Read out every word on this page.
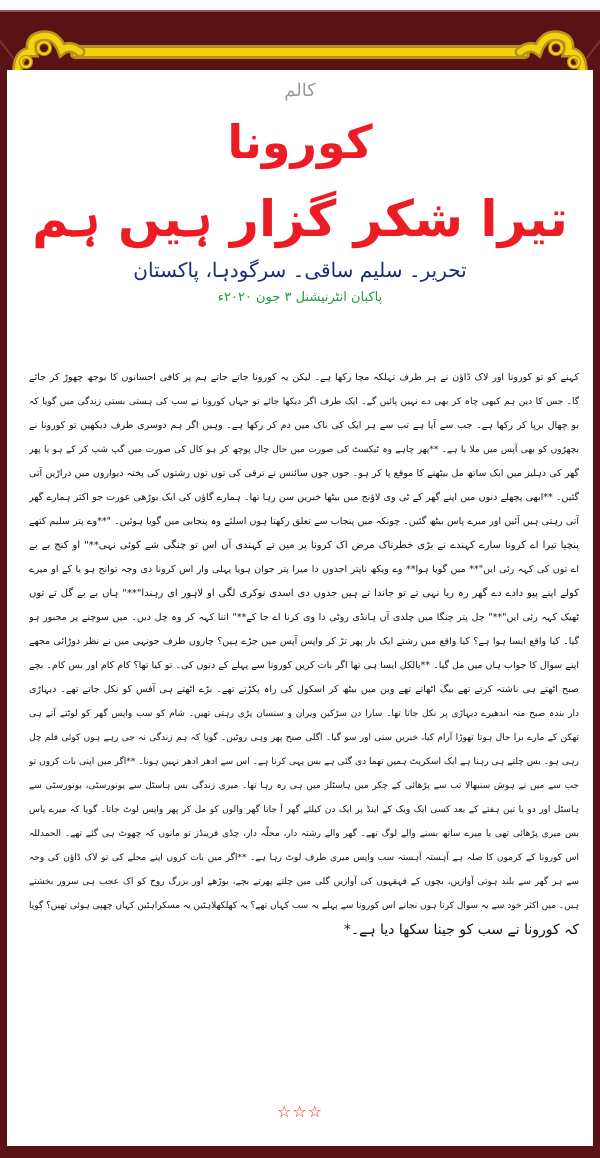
کالم
کورونا
تیرا شکر گزار ہیں ہم
تحریر۔ سلیم ساقی۔ سرگودہا، پاکستان
پاکبان انٹرنیشنل ۳ جون ۲۰۲۰ء
کہنے کو تو کورونا اور لاک ڈاؤن نے ہر طرف تہلکہ مچا رکھا ہے۔ لیکن یہ کورونا جاتے جاتے ہم پر کافی احسانوں کا بوجھ چھوڑ کر جائے
گا۔ جس کا دین ہم کبھی چاہ کر بھی دے نہیں پائیں گے۔ ایک طرف اگر دیکھا جائے تو جہاں کورونا نے سب کی ہستی بستی زندگی میں گویا کہ
بو چھال برپا کر رکھا ہے۔ جب سے آیا ہے تب سے ہر ایک کی ناک میں دم کر رکھا ہے۔ وہیں اگر ہم دوسری طرف دیکھیں تو کورونا نے
بچھڑوں کو بھی آپس میں ملا یا ہے۔ **پھر چاہے وہ ٹیکسٹ کی صورت میں حال چال پوچھ کر ہو کال کی صورت میں گپ شپ کر کے ہو یا پھر
گھر کی دہلیز میں ایک ساتھ مل بیٹھنے کا موقع پا کر ہو۔ جوں جوں سائنس نے ترقی کی توں توں رشتوں کی پختہ دیواروں میں دراڑیں آتی
گئیں۔ **ابھی پچھلے دنوں میں اپنے گھر کے ٹی وی لاؤنج میں بیٹھا خبریں سن رہا تھا۔ ہمارے گاؤں کی ایک بوڑھی عورت جو اکثر ہمارے گھر
آتی رہتی ہیں آئیں اور میرے پاس بیٹھ گئیں۔ چونکہ میں پنجاب سے تعلق رکھتا ہوں اسلئے وہ پنجابی میں گویا ہوئیں۔ "**وے پتر سلیم کتھے
پنچیا تیرا اے کرونا سارے کہندے نے بڑی خطرناک مرض اک کرونا پر میں تے کہندی آں اس تو چنگی شے کوئی نہی**" او کنج بے بے
اے توں کی کہہ رئی ایں"** میں گویا ہوا** وے ویکھ ناپتر اجدوں دا میرا پتر جوان ہویا پہلی وار اس کرونا دی وجہ توانج ہو یا کے او میرے
کولے اپنے پیو دادے دے گھر رہ ریا نہی تے تو جاندا تے ہیں جدوں دی اسدی نوکری لگی او لاہور ای رہندا"**" ہاں بے بے گل تے توں
ٹھیک کہہ رئی ایں"**" چل پتر چنگا میں چلدی آں ہانڈی روٹی دا وی کرنا اے جا کے**" اتنا کہہ کر وہ چل دیں۔ میں سوچنے پر مجبور ہو
گیا۔ کیا واقع ایسا ہوا ہے؟ کیا واقع میں رشتے ایک بار پھر تڑ کر واپس آپس میں جڑے ہیں؟ چاروں طرف جونہی میں نے نظر دوڑائی مجھے
اپنے سوال کا جواب ہاں میں مل گیا۔ **بالکل ایسا ہی تھا اگر بات کریں کورونا سے پہلے کے دنوں کی۔ تو کیا تھا؟ کام کام اور بس کام۔ بچے
صبح اٹھتے ہی ناشتہ کرتے تھے بیگ اٹھاتے تھے وین میں بیٹھ کر اسکول کی راہ پکڑتے تھے۔ بڑے اٹھتے ہی آفس کو نکل جاتے تھے۔ دیہاڑی
دار بندہ صبح منہ اندھیرے دیہاڑی پر نکل جاتا تھا۔ سارا دن سڑکیں ویران و سنسان پڑی رہتی تھیں۔ شام کو سب واپس گھر کو لوٹتے آتے ہی
تھکن کے مارے برا حال ہوتا تھوڑا آرام کیا، خبریں سنی اور سو گیا۔ اگلی صبح پھر وہی روٹین۔ گویا کہ ہم زندگی نہ جی رہے ہوں کوئی فلم چل
رہی ہو۔ بس چلتے ہی رہنا ہے ایک اسکرپٹ ہمیں تھما دی گئی ہے بس یہی کرنا ہے۔ اس سے ادھر ادھر نہیں ہونا۔ **اگر میں اپنی بات کروں تو
جب سے میں نے ہوش سنبھالا تب سے پڑھائی کے چکر میں ہاسٹلز میں ہی رہ رہا تھا۔ میری زندگی بس ہاسٹل سے یونورسٹی، یونورسٹی سے
ہاسٹل اور دو یا تین ہفتے کے بعد کسی ایک ویک کے اینڈ پر ایک دن کیلئے گھر آ جاتا گھر والوں کو مل کر پھر واپس لوٹ جاتا۔ گویا کہ میرے پاس
بس میری پڑھائی تھی یا میرے ساتھ بسنے والے لوگ تھے۔ گھر والے رشتہ دار، محلّہ دار، چڈی فرینڈز تو مانوں کہ چھوٹ ہی گئے تھے۔ الحمدللہ
اس کورونا کے کرموں کا صلہ ہے آہستہ آہستہ سب واپس میری طرف لوٹ رہا ہے۔ **اگر میں بات کروں اپنے محلے کی تو لاک ڈاؤن کی وجہ
سے ہر گھر سے بلند ہوتی آوازیں، بچوں کے قہقہوں کی آوازیں گلی میں چلتے پھرتے بچے، بوڑھے اور بزرگ روح کو اک عجب ہی سرور بخشتے
ہیں۔ میں اکثر خود سے یہ سوال کرتا ہوں نجانے اس کورونا سے پہلے یہ سب کہاں تھے؟ یہ کھلکھلاہٹیں یہ مسکراہٹیں کہاں چھپی ہوئی تھیں؟ گویا
کہ کورونا نے سب کو جینا سکھا دیا ہے۔*
☆☆☆
